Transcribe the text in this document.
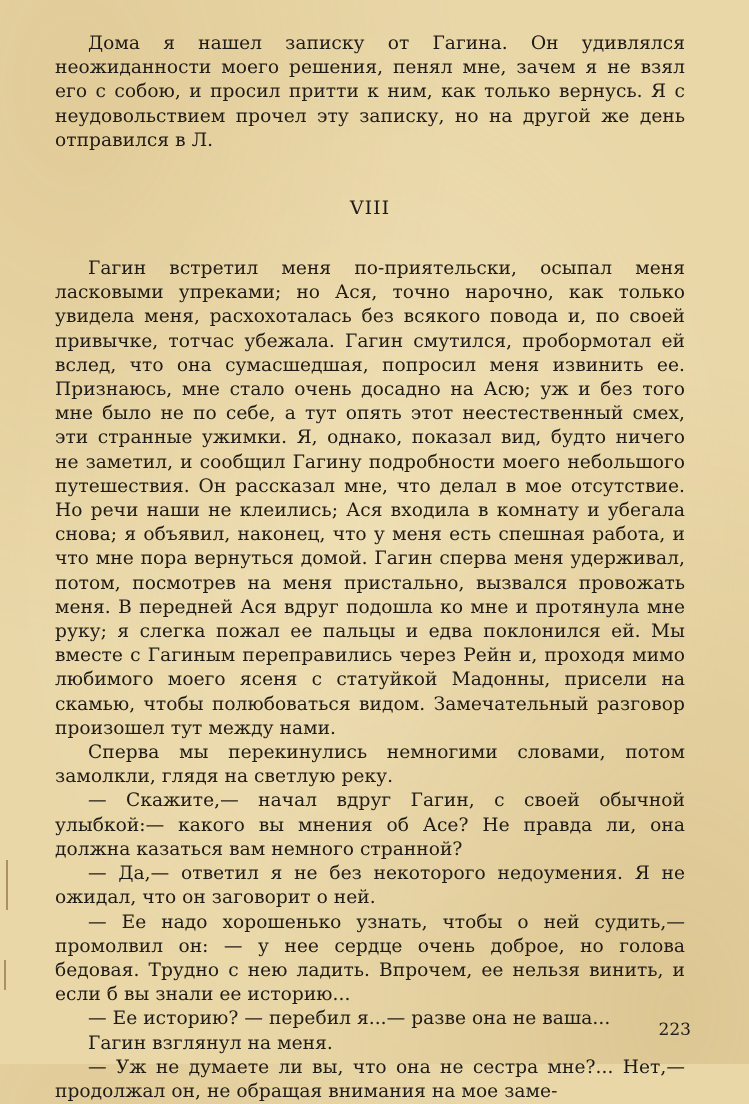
Дома я нашел записку от Гагина. Он удивлялся неожиданности моего решения, пенял мне, зачем я не взял его с собою, и просил притти к ним, как только вернусь. Я с неудовольствием прочел эту записку, но на другой же день отправился в Л.

VIII

Гагин встретил меня по-приятельски, осыпал меня ласковыми упреками; но Ася, точно нарочно, как только увидела меня, расхохоталась без всякого повода и, по своей привычке, тотчас убежала. Гагин смутился, пробормотал ей вслед, что она сумасшедшая, попросил меня извинить ее. Признаюсь, мне стало очень досадно на Асю; уж и без того мне было не по себе, а тут опять этот неестественный смех, эти странные ужимки. Я, однако, показал вид, будто ничего не заметил, и сообщил Гагину подробности моего небольшого путешествия. Он рассказал мне, что делал в мое отсутствие. Но речи наши не клеились; Ася входила в комнату и убегала снова; я объявил, наконец, что у меня есть спешная работа, и что мне пора вернуться домой. Гагин сперва меня удерживал, потом, посмотрев на меня пристально, вызвался провожать меня. В передней Ася вдруг подошла ко мне и протянула мне руку; я слегка пожал ее пальцы и едва поклонился ей. Мы вместе с Гагиным переправились через Рейн и, проходя мимо любимого моего ясеня с статуйкой Мадонны, присели на скамью, чтобы полюбоваться видом. Замечательный разговор произошел тут между нами.

Сперва мы перекинулись немногими словами, потом замолкли, глядя на светлую реку.

— Скажите,— начал вдруг Гагин, с своей обычной улыбкой:— какого вы мнения об Асе? Не правда ли, она должна казаться вам немного странной?

— Да,— ответил я не без некоторого недоумения. Я не ожидал, что он заговорит о ней.

— Ее надо хорошенько узнать, чтобы о ней судить,— промолвил он: — у нее сердце очень доброе, но голова бедовая. Трудно с нею ладить. Впрочем, ее нельзя винить, и если б вы знали ее историю...

— Ее историю? — перебил я...— разве она не ваша...

Гагин взглянул на меня.

— Уж не думаете ли вы, что она не сестра мне?... Нет,— продолжал он, не обращая внимания на мое заме-

223
